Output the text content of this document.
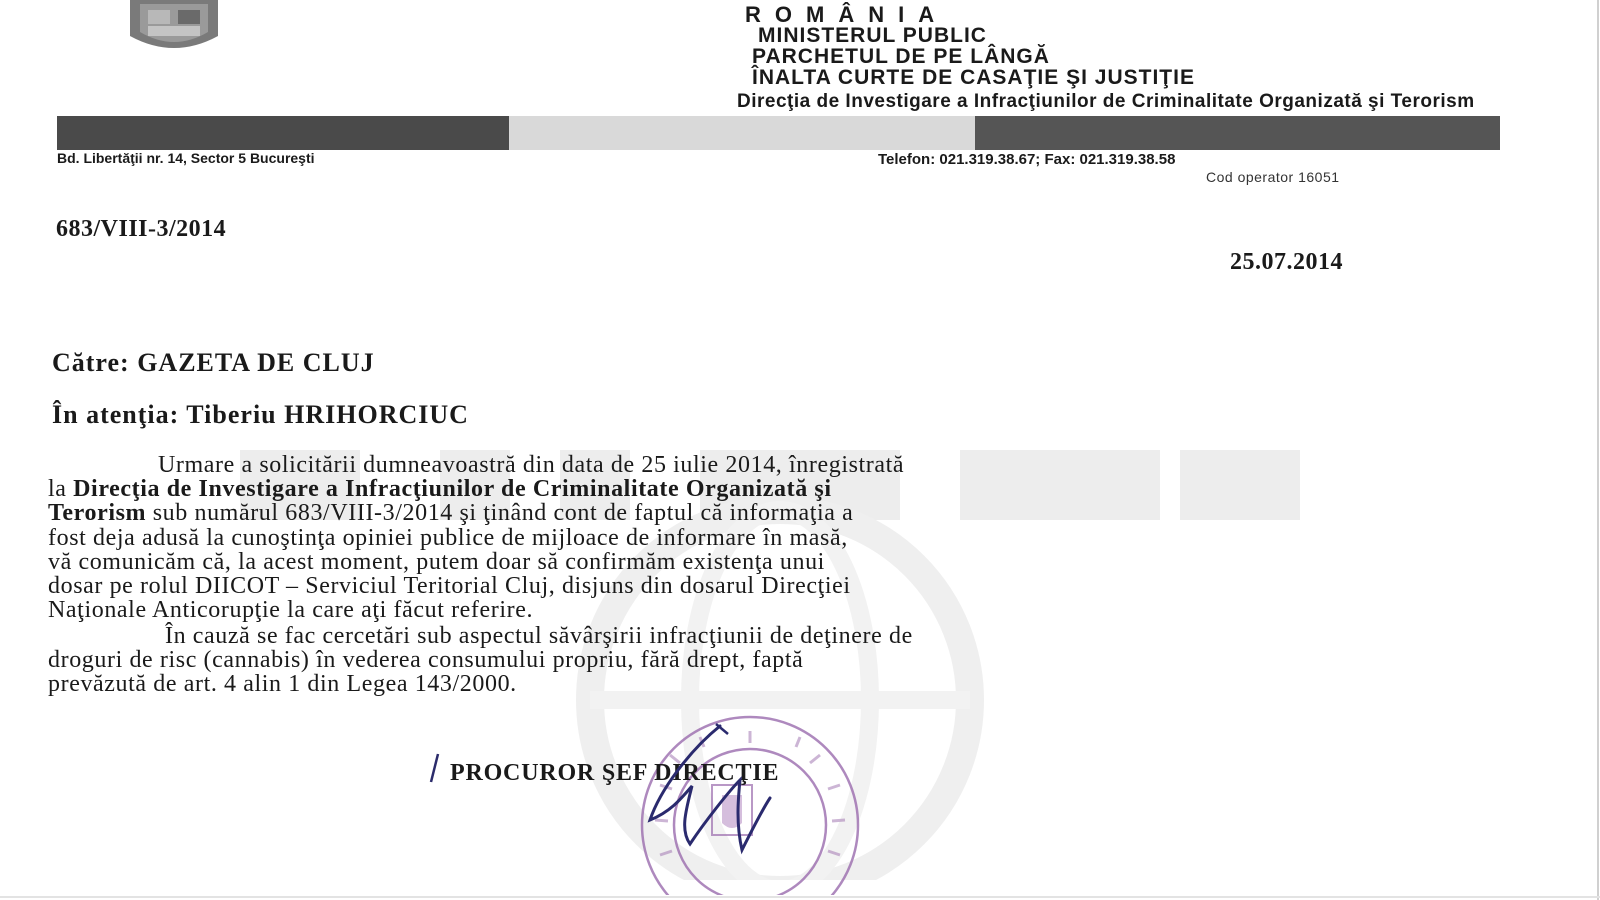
ROMÂNIA
MINISTERUL PUBLIC
PARCHETUL DE PE LÂNGĂ
ÎNALTA CURTE DE CASAŢIE ŞI JUSTIŢIE
Direcţia de Investigare a Infracţiunilor de Criminalitate Organizată şi Terorism
Bd. Libertăţii nr. 14, Sector 5 Bucureşti	Telefon: 021.319.38.67; Fax: 021.319.38.58
Cod operator 16051
683/VIII-3/2014
25.07.2014
Către: GAZETA DE CLUJ
În atenţia: Tiberiu HRIHORCIUC
Urmare a solicitării dumneavoastră din data de 25 iulie 2014, înregistrată
la Direcţia de Investigare a Infracţiunilor de Criminalitate Organizată şi
Terorism sub numărul 683/VIII-3/2014 şi ţinând cont de faptul că informaţia a
fost deja adusă la cunoştinţa opiniei publice de mijloace de informare în masă,
vă comunicăm că, la acest moment, putem doar să confirmăm existenţa unui
dosar pe rolul DIICOT – Serviciul Teritorial Cluj, disjuns din dosarul Direcţiei
Naţionale Anticorupţie la care aţi făcut referire.
În cauză se fac cercetări sub aspectul săvârşirii infracţiunii de deţinere de
droguri de risc (cannabis) în vederea consumului propriu, fără drept, faptă
prevăzută de art. 4 alin 1 din Legea 143/2000.
PROCUROR ŞEF DIRECŢIE
